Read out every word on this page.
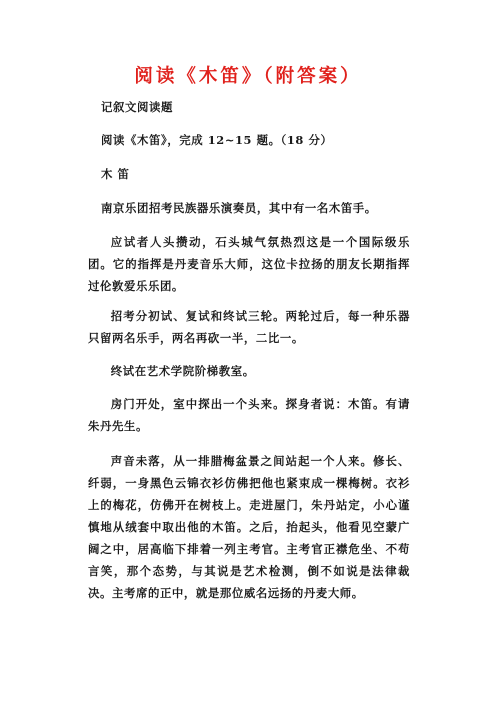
阅读《木笛》（附答案）

记叙文阅读题

阅读《木笛》，完成 12~15 题。（18 分）

木 笛

南京乐团招考民族器乐演奏员，其中有一名木笛手。

应试者人头攒动，石头城气氛热烈这是一个国际级乐团。它的指挥是丹麦音乐大师，这位卡拉扬的朋友长期指挥过伦敦爱乐乐团。

招考分初试、复试和终试三轮。两轮过后，每一种乐器只留两名乐手，两名再砍一半，二比一。

终试在艺术学院阶梯教室。

房门开处，室中探出一个头来。探身者说：木笛。有请朱丹先生。

声音未落，从一排腊梅盆景之间站起一个人来。修长、纤弱，一身黑色云锦衣衫仿佛把他也紧束成一棵梅树。衣衫上的梅花，仿佛开在树枝上。走进屋门，朱丹站定，小心谨慎地从绒套中取出他的木笛。之后，抬起头，他看见空蒙广阔之中，居高临下排着一列主考官。主考官正襟危坐、不苟言笑，那个态势，与其说是艺术检测，倒不如说是法律裁决。主考席的正中，就是那位威名远扬的丹麦大师。
